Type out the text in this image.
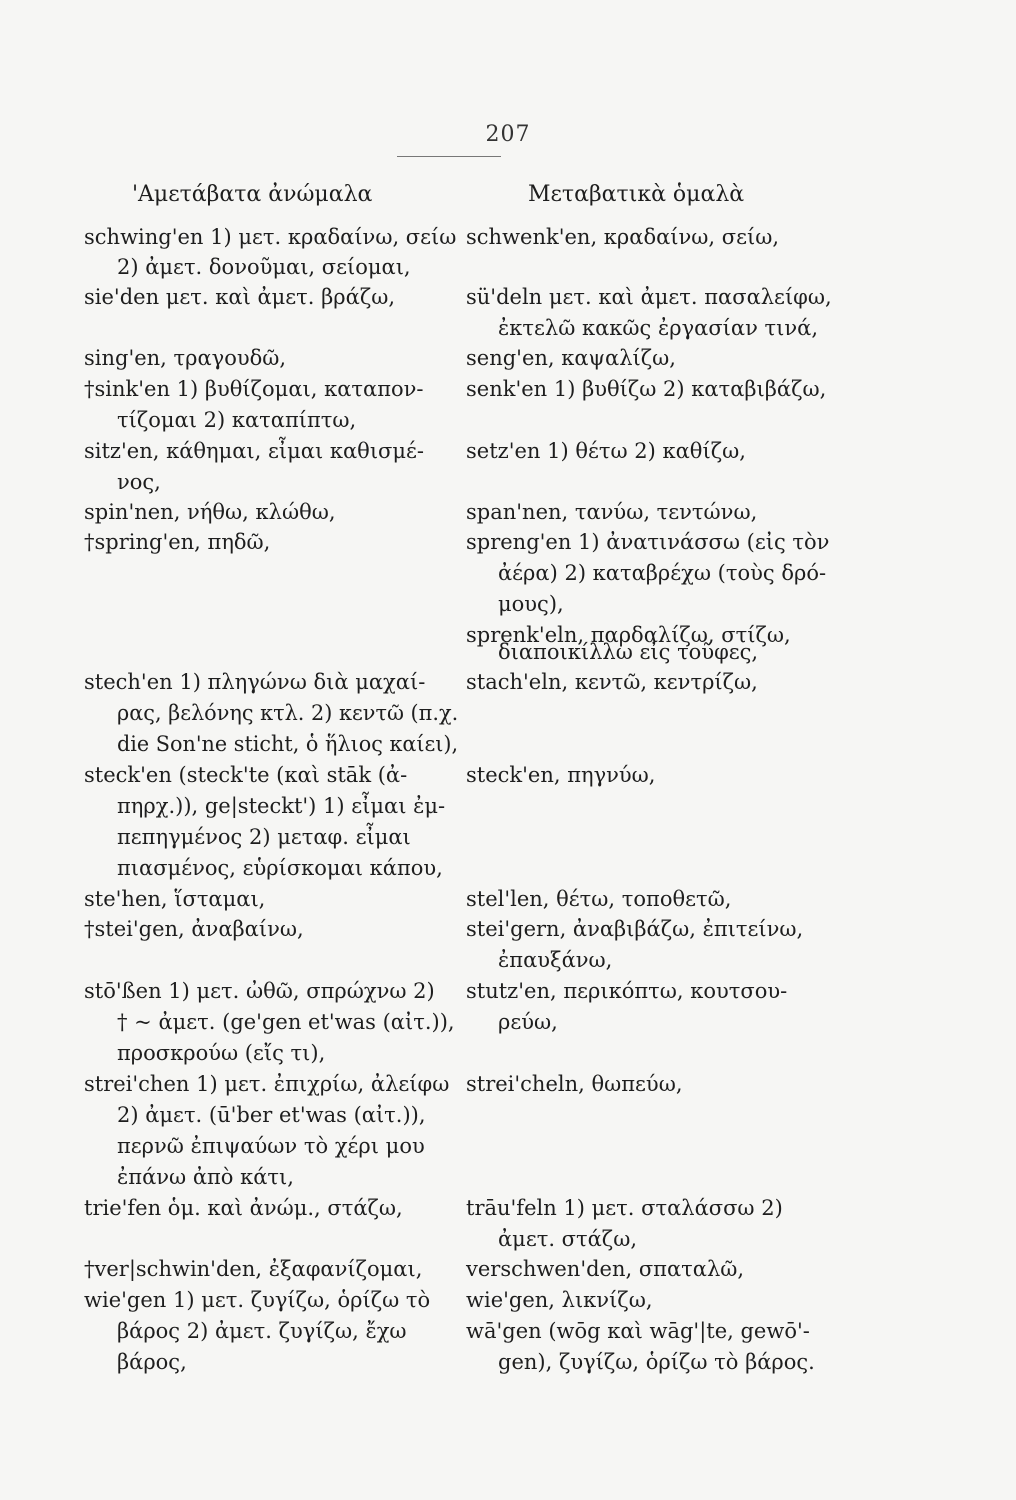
207
'Αμετάβατα ἀνώμαλα	Μεταβατικὰ ὁμαλὰ
schwing'en 1) μετ. κραδαίνω, σείω
2) ἀμετ. δονοῦμαι, σείομαι,
sie'den μετ. καὶ ἀμετ. βράζω,
sing'en, τραγουδῶ,
†sink'en 1) βυθίζομαι, καταπον-
τίζομαι 2) καταπίπτω,
sitz'en, κάθημαι, εἶμαι καθισμέ-
νος,
spin'nen, νήθω, κλώθω,
†spring'en, πηδῶ,
stech'en 1) πληγώνω διὰ μαχαί-
ρας, βελόνης κτλ. 2) κεντῶ (π.χ.
die Son'ne sticht, ὁ ἥλιος καίει),
steck'en (steck'te (καὶ stāk (ἀ-
πηρχ.)), ge|steckt') 1) εἶμαι ἐμ-
πεπηγμένος 2) μεταφ. εἶμαι
πιασμένος, εὑρίσκομαι κάπου,
ste'hen, ἵσταμαι,
†stei'gen, ἀναβαίνω,
stō'ßen 1) μετ. ὠθῶ, σπρώχνω 2)
† ~ ἀμετ. (ge'gen et'was (αἰτ.)),
προσκρούω (εἴς τι),
strei'chen 1) μετ. ἐπιχρίω, ἀλείφω
2) ἀμετ. (ū'ber et'was (αἰτ.)),
περνῶ ἐπιψαύων τὸ χέρι μου
ἐπάνω ἀπὸ κάτι,
trie'fen ὁμ. καὶ ἀνώμ., στάζω,
†ver|schwin'den, ἐξαφανίζομαι,
wie'gen 1) μετ. ζυγίζω, ὁρίζω τὸ
βάρος 2) ἀμετ. ζυγίζω, ἔχω
βάρος,
schwenk'en, κραδαίνω, σείω,
sü'deln μετ. καὶ ἀμετ. πασαλείφω,
ἐκτελῶ κακῶς ἐργασίαν τινά,
seng'en, καψαλίζω,
senk'en 1) βυθίζω 2) καταβιβάζω,
setz'en 1) θέτω 2) καθίζω,
span'nen, τανύω, τεντώνω,
spreng'en 1) ἀνατινάσσω (εἰς τὸν
ἀέρα) 2) καταβρέχω (τοὺς δρό-
μους),
sprenk'eln, παρδαλίζω, στίζω,
διαποικίλλω εἰς τοῦφες,
stach'eln, κεντῶ, κεντρίζω,
steck'en, πηγνύω,
stel'len, θέτω, τοποθετῶ,
stei'gern, ἀναβιβάζω, ἐπιτείνω,
ἐπαυξάνω,
stutz'en, περικόπτω, κουτσου-
ρεύω,
strei'cheln, θωπεύω,
trāu'feln 1) μετ. σταλάσσω 2)
ἀμετ. στάζω,
verschwen'den, σπαταλῶ,
wie'gen, λικνίζω,
wā'gen (wōg καὶ wāg'|te, gewō'-
gen), ζυγίζω, ὁρίζω τὸ βάρος.
